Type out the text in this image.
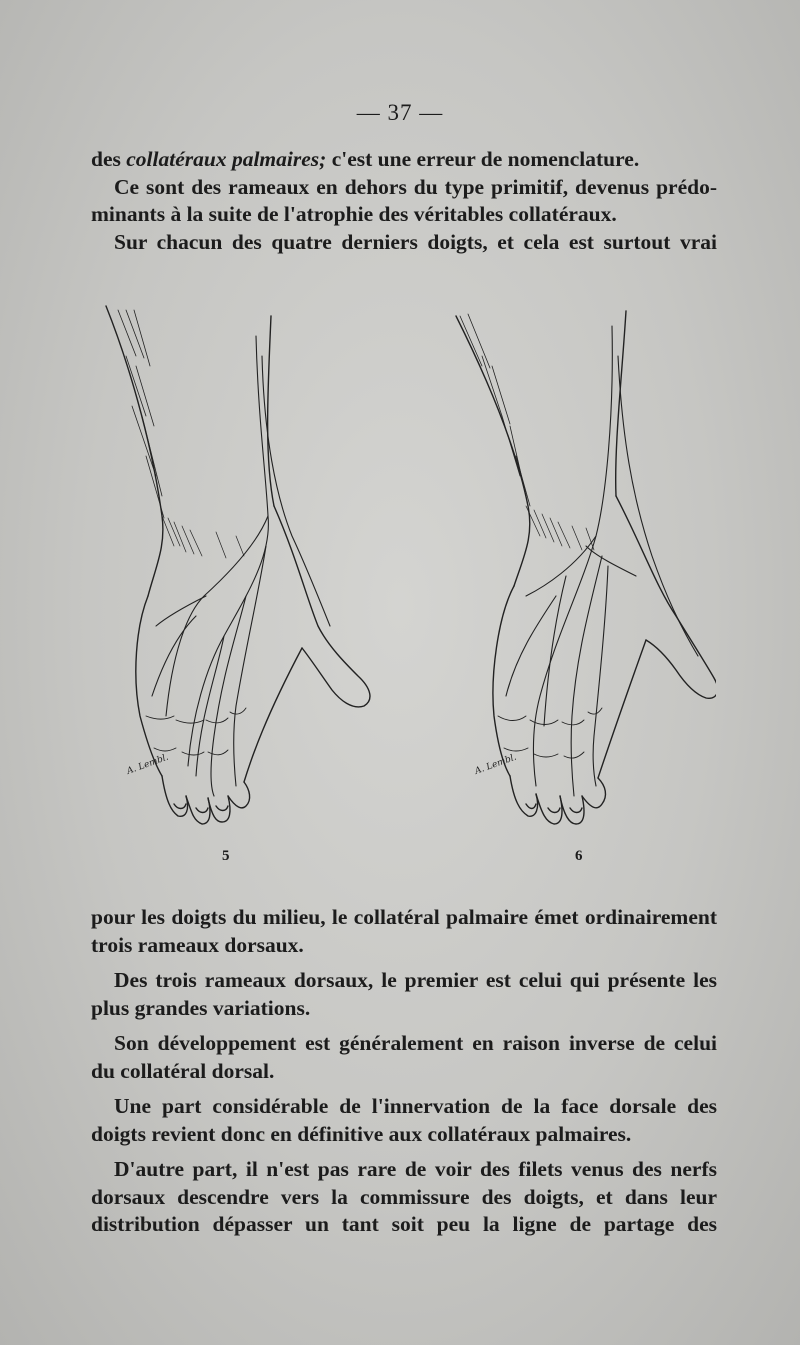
— 37 —

des collatéraux palmaires; c'est une erreur de nomenclature.

Ce sont des rameaux en dehors du type primitif, devenus prédo-
minants à la suite de l'atrophie des véritables collatéraux.

Sur chacun des quatre derniers doigts, et cela est surtout vrai

A. Lembl.	A. Lembl.
5	6

pour les doigts du milieu, le collatéral palmaire émet ordinairement
trois rameaux dorsaux.

Des trois rameaux dorsaux, le premier est celui qui présente les
plus grandes variations.

Son développement est généralement en raison inverse de celui
du collatéral dorsal.

Une part considérable de l'innervation de la face dorsale des
doigts revient donc en définitive aux collatéraux palmaires.

D'autre part, il n'est pas rare de voir des filets venus des nerfs
dorsaux descendre vers la commissure des doigts, et dans leur
distribution dépasser un tant soit peu la ligne de partage des
